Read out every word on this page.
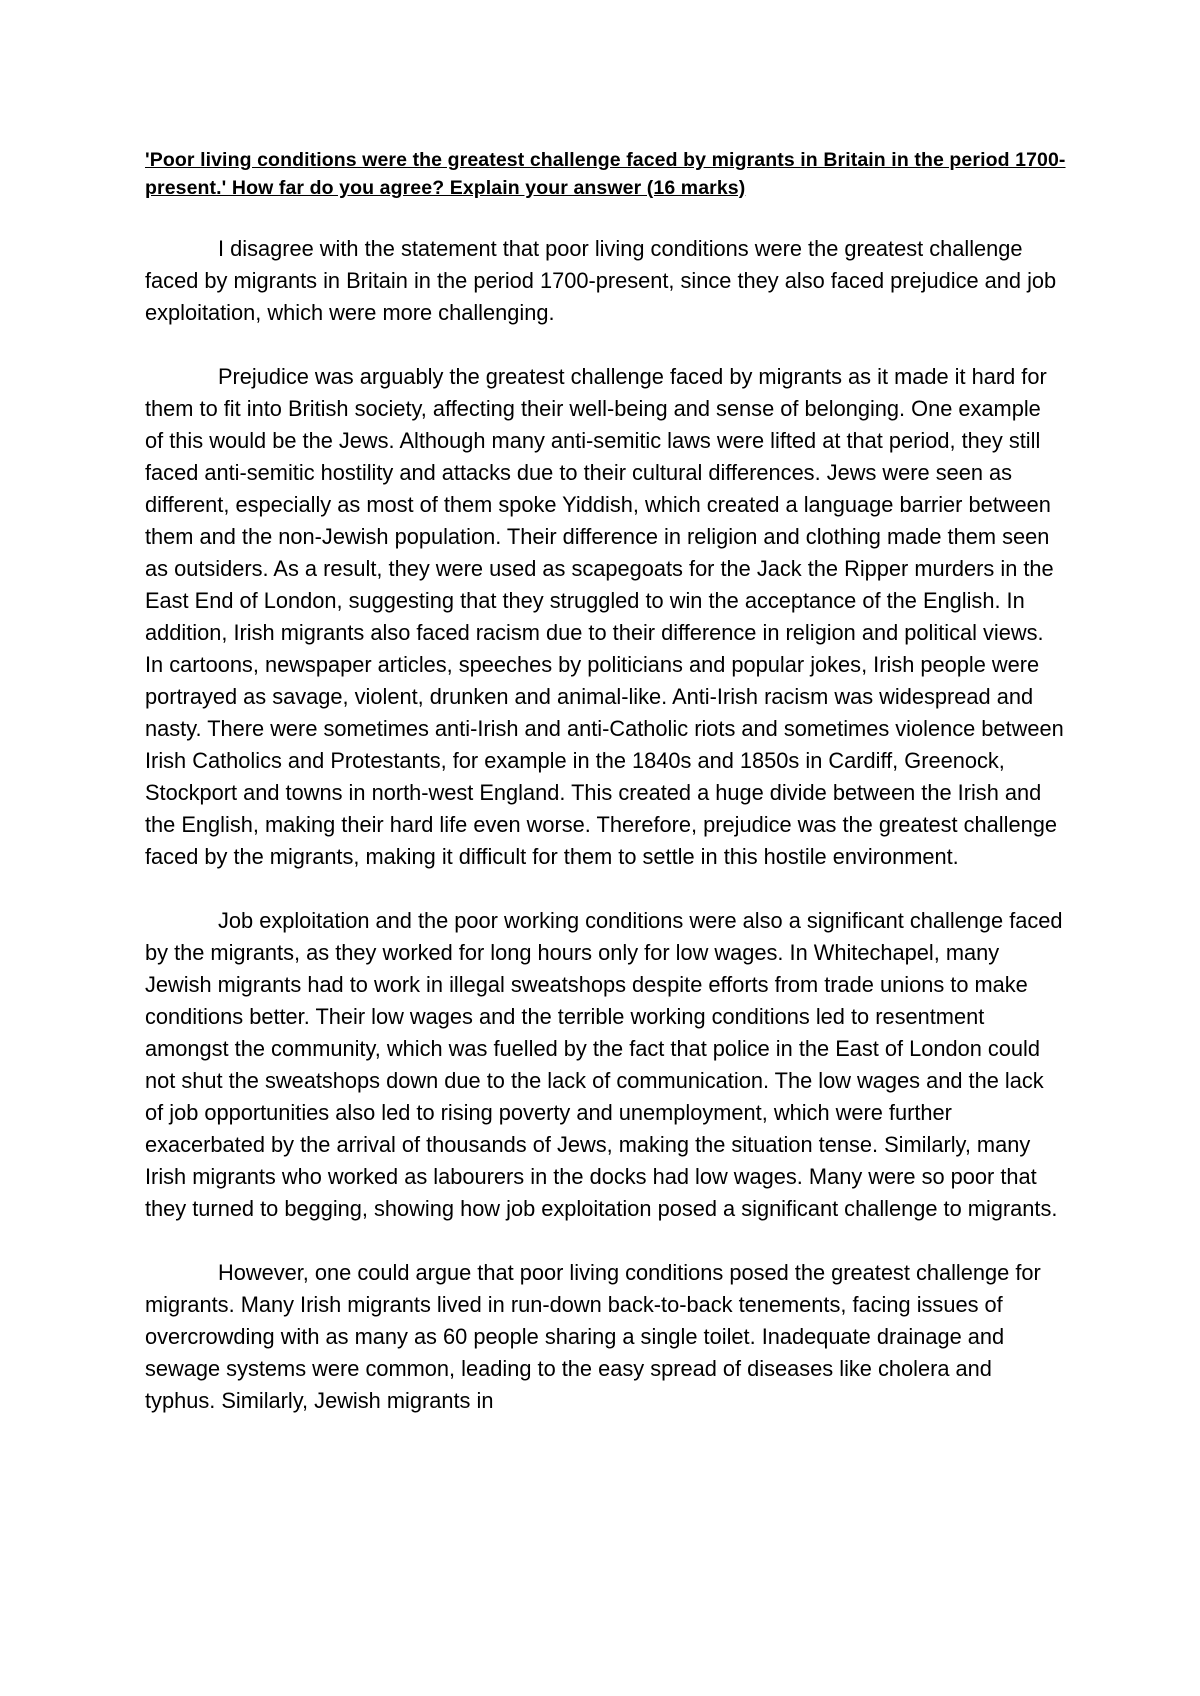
'Poor living conditions were the greatest challenge faced by migrants in Britain in the period 1700-present.' How far do you agree? Explain your answer (16 marks)

I disagree with the statement that poor living conditions were the greatest challenge faced by migrants in Britain in the period 1700-present, since they also faced prejudice and job exploitation, which were more challenging.

Prejudice was arguably the greatest challenge faced by migrants as it made it hard for them to fit into British society, affecting their well-being and sense of belonging. One example of this would be the Jews. Although many anti-semitic laws were lifted at that period, they still faced anti-semitic hostility and attacks due to their cultural differences. Jews were seen as different, especially as most of them spoke Yiddish, which created a language barrier between them and the non-Jewish population. Their difference in religion and clothing made them seen as outsiders. As a result, they were used as scapegoats for the Jack the Ripper murders in the East End of London, suggesting that they struggled to win the acceptance of the English. In addition, Irish migrants also faced racism due to their difference in religion and political views. In cartoons, newspaper articles, speeches by politicians and popular jokes, Irish people were portrayed as savage, violent, drunken and animal-like. Anti-Irish racism was widespread and nasty. There were sometimes anti-Irish and anti-Catholic riots and sometimes violence between Irish Catholics and Protestants, for example in the 1840s and 1850s in Cardiff, Greenock, Stockport and towns in north-west England. This created a huge divide between the Irish and the English, making their hard life even worse. Therefore, prejudice was the greatest challenge faced by the migrants, making it difficult for them to settle in this hostile environment.

Job exploitation and the poor working conditions were also a significant challenge faced by the migrants, as they worked for long hours only for low wages. In Whitechapel, many Jewish migrants had to work in illegal sweatshops despite efforts from trade unions to make conditions better. Their low wages and the terrible working conditions led to resentment amongst the community, which was fuelled by the fact that police in the East of London could not shut the sweatshops down due to the lack of communication. The low wages and the lack of job opportunities also led to rising poverty and unemployment, which were further exacerbated by the arrival of thousands of Jews, making the situation tense. Similarly, many Irish migrants who worked as labourers in the docks had low wages. Many were so poor that they turned to begging, showing how job exploitation posed a significant challenge to migrants.

However, one could argue that poor living conditions posed the greatest challenge for migrants. Many Irish migrants lived in run-down back-to-back tenements, facing issues of overcrowding with as many as 60 people sharing a single toilet. Inadequate drainage and sewage systems were common, leading to the easy spread of diseases like cholera and typhus. Similarly, Jewish migrants in
